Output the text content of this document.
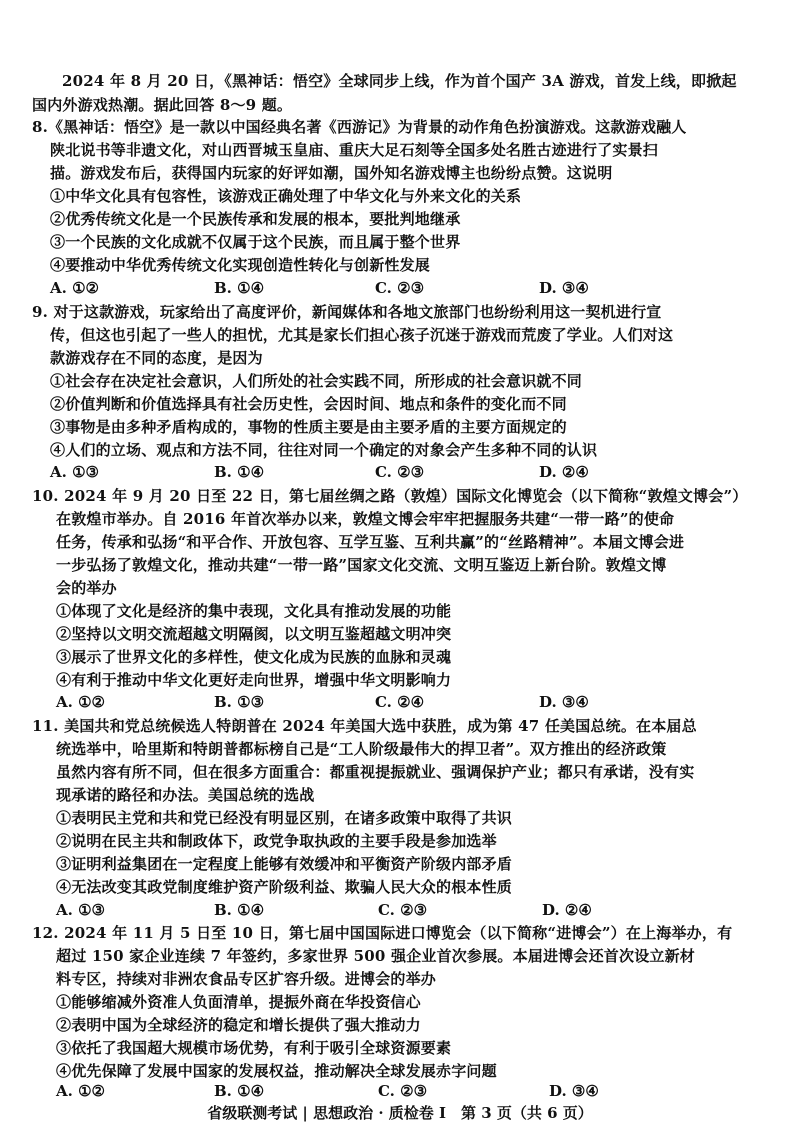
2024 年 8 月 20 日，《黑神话：悟空》全球同步上线，作为首个国产 3A 游戏，首发上线，即掀起
国内外游戏热潮。据此回答 8～9 题。
8.《黑神话：悟空》是一款以中国经典名著《西游记》为背景的动作角色扮演游戏。这款游戏融人
陕北说书等非遗文化，对山西晋城玉皇庙、重庆大足石刻等全国多处名胜古迹进行了实景扫
描。游戏发布后，获得国内玩家的好评如潮，国外知名游戏博主也纷纷点赞。这说明
①中华文化具有包容性，该游戏正确处理了中华文化与外来文化的关系
②优秀传统文化是一个民族传承和发展的根本，要批判地继承
③一个民族的文化成就不仅属于这个民族，而且属于整个世界
④要推动中华优秀传统文化实现创造性转化与创新性发展
A. ①②	B. ①④	C. ②③	D. ③④
9. 对于这款游戏，玩家给出了高度评价，新闻媒体和各地文旅部门也纷纷利用这一契机进行宣
传，但这也引起了一些人的担忧，尤其是家长们担心孩子沉迷于游戏而荒废了学业。人们对这
款游戏存在不同的态度，是因为
①社会存在决定社会意识，人们所处的社会实践不同，所形成的社会意识就不同
②价值判断和价值选择具有社会历史性，会因时间、地点和条件的变化而不同
③事物是由多种矛盾构成的，事物的性质主要是由主要矛盾的主要方面规定的
④人们的立场、观点和方法不同，往往对同一个确定的对象会产生多种不同的认识
A. ①③	B. ①④	C. ②③	D. ②④
10. 2024 年 9 月 20 日至 22 日，第七届丝绸之路（敦煌）国际文化博览会（以下简称“敦煌文博会”）
在敦煌市举办。自 2016 年首次举办以来，敦煌文博会牢牢把握服务共建“一带一路”的使命
任务，传承和弘扬“和平合作、开放包容、互学互鉴、互利共赢”的“丝路精神”。本届文博会进
一步弘扬了敦煌文化，推动共建“一带一路”国家文化交流、文明互鉴迈上新台阶。敦煌文博
会的举办
①体现了文化是经济的集中表现，文化具有推动发展的功能
②坚持以文明交流超越文明隔阂，以文明互鉴超越文明冲突
③展示了世界文化的多样性，使文化成为民族的血脉和灵魂
④有利于推动中华文化更好走向世界，增强中华文明影响力
A. ①②	B. ①③	C. ②④	D. ③④
11. 美国共和党总统候选人特朗普在 2024 年美国大选中获胜，成为第 47 任美国总统。在本届总
统选举中，哈里斯和特朗普都标榜自己是“工人阶级最伟大的捍卫者”。双方推出的经济政策
虽然内容有所不同，但在很多方面重合：都重视提振就业、强调保护产业；都只有承诺，没有实
现承诺的路径和办法。美国总统的选战
①表明民主党和共和党已经没有明显区别，在诸多政策中取得了共识
②说明在民主共和制政体下，政党争取执政的主要手段是参加选举
③证明利益集团在一定程度上能够有效缓冲和平衡资产阶级内部矛盾
④无法改变其政党制度维护资产阶级利益、欺骗人民大众的根本性质
A. ①③	B. ①④	C. ②③	D. ②④
12. 2024 年 11 月 5 日至 10 日，第七届中国国际进口博览会（以下简称“进博会”）在上海举办，有
超过 150 家企业连续 7 年签约，多家世界 500 强企业首次参展。本届进博会还首次设立新材
料专区，持续对非洲农食品专区扩容升级。进博会的举办
①能够缩减外资准人负面清单，提振外商在华投资信心
②表明中国为全球经济的稳定和增长提供了强大推动力
省级联测考试 | 思想政治 · 质检卷 Ⅰ　第 3 页（共 6 页）
③依托了我国超大规模市场优势，有利于吸引全球资源要素
④优先保障了发展中国家的发展权益，推动解决全球发展赤字问题
A. ①②	B. ①④	C. ②③	D. ③④
